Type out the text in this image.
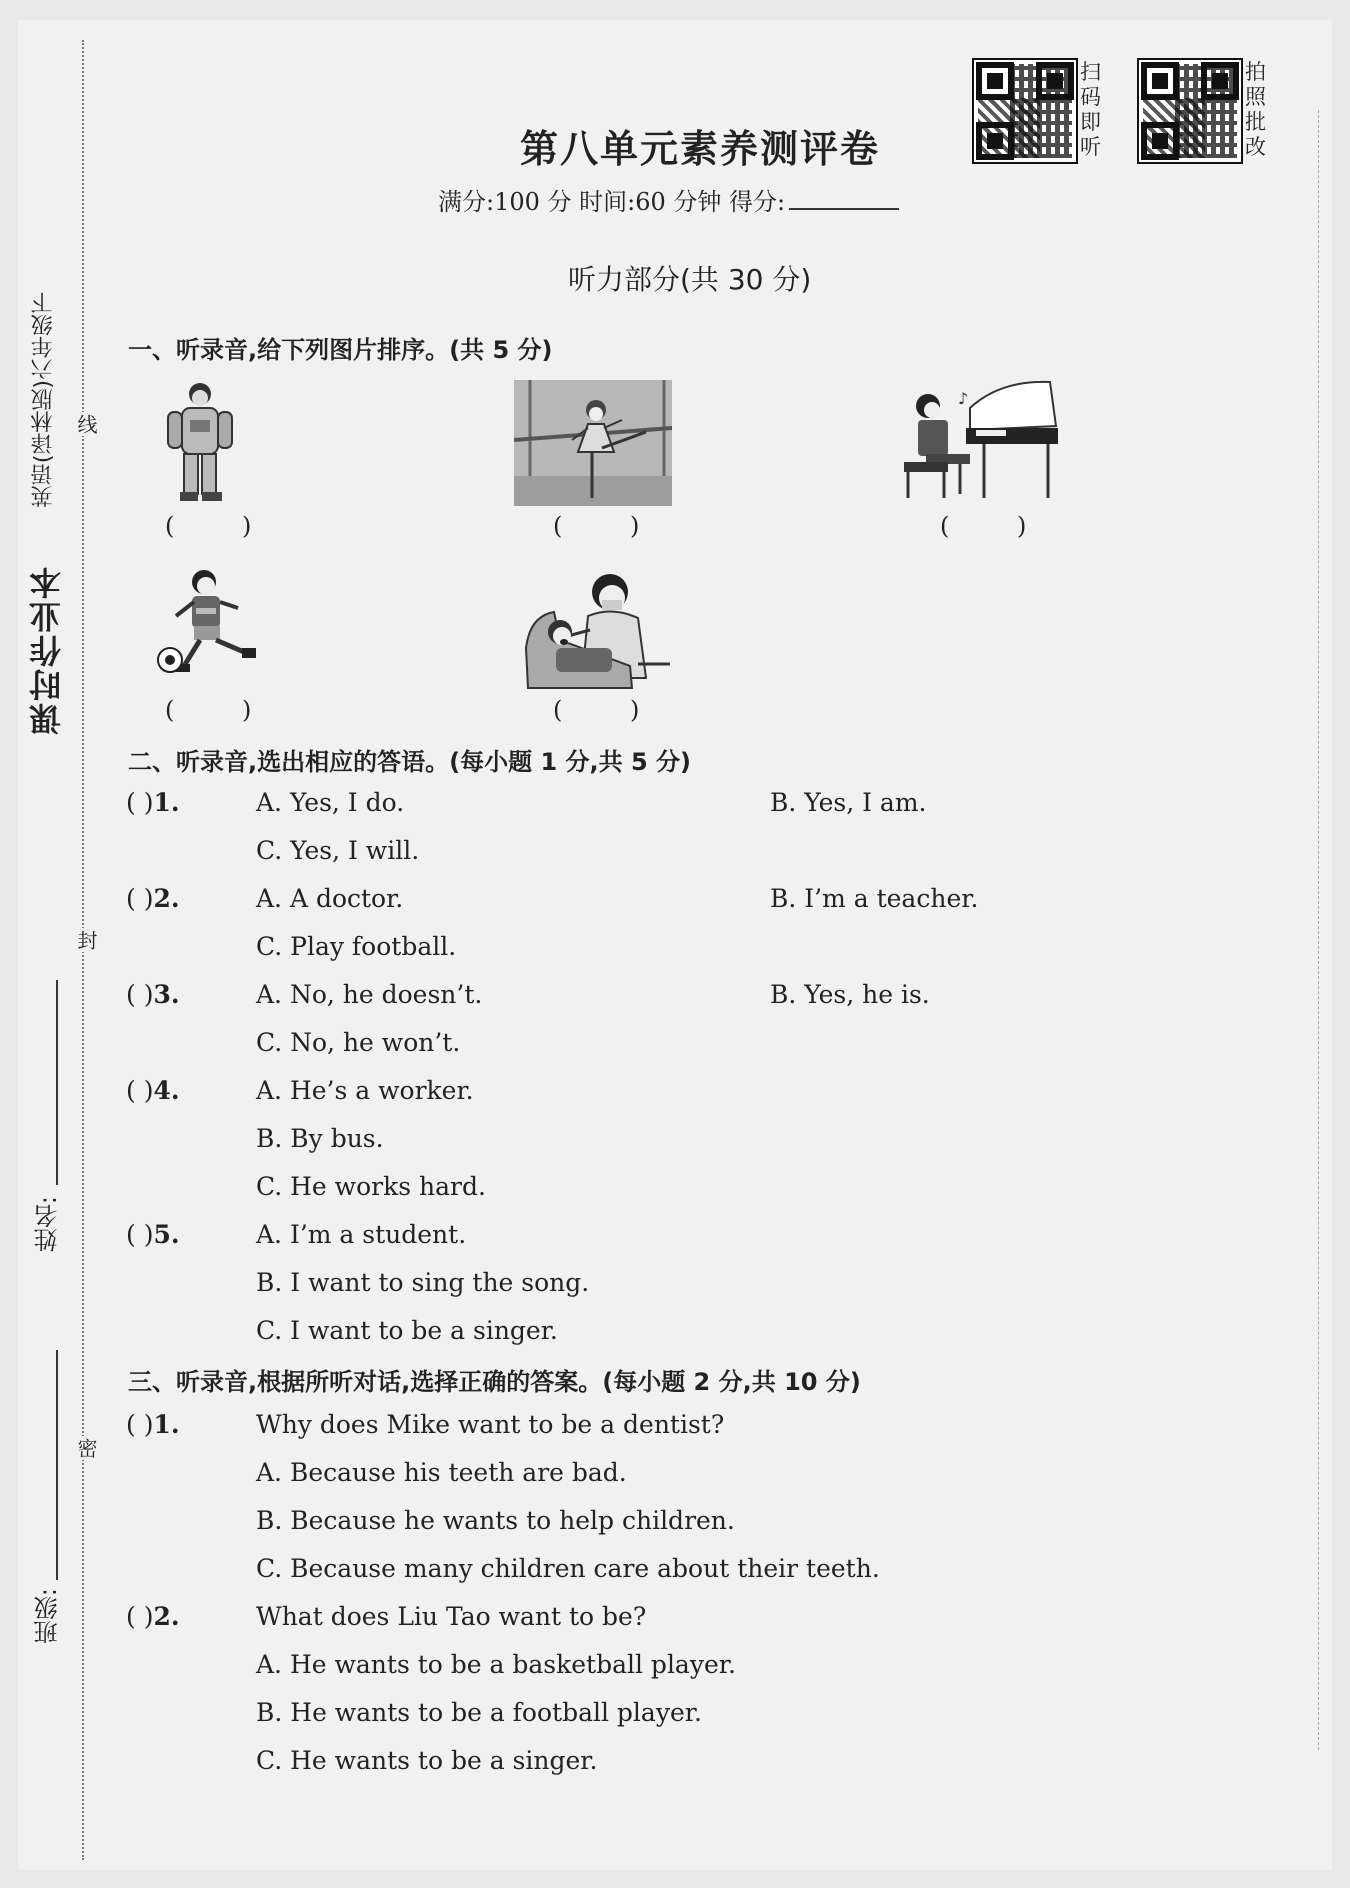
课时作业本
英语(译林版)六年级下 线
封
密
姓名:
班级:
扫码即听
拍照批改
第八单元素养测评卷
满分:100 分 时间:60 分钟 得分:
听力部分(共 30 分)
一、听录音,给下列图片排序。(共 5 分)
( )	( )
♪
( )
( )	( )
二、听录音,选出相应的答语。(每小题 1 分,共 5 分)
( )1.	A. Yes, I do.	B. Yes, I am.
C. Yes, I will.
( )2.	A. A doctor.	B. I’m a teacher.
C. Play football.
( )3.	A. No, he doesn’t.	B. Yes, he is.
C. No, he won’t.
( )4.	A. He’s a worker.
B. By bus.
C. He works hard.
( )5.	A. I’m a student.
B. I want to sing the song.
C. I want to be a singer.
三、听录音,根据所听对话,选择正确的答案。(每小题 2 分,共 10 分)
( )1.	Why does Mike want to be a dentist?
A. Because his teeth are bad.
B. Because he wants to help children.
C. Because many children care about their teeth.
( )2.	What does Liu Tao want to be?
A. He wants to be a basketball player.
B. He wants to be a football player.
C. He wants to be a singer.
